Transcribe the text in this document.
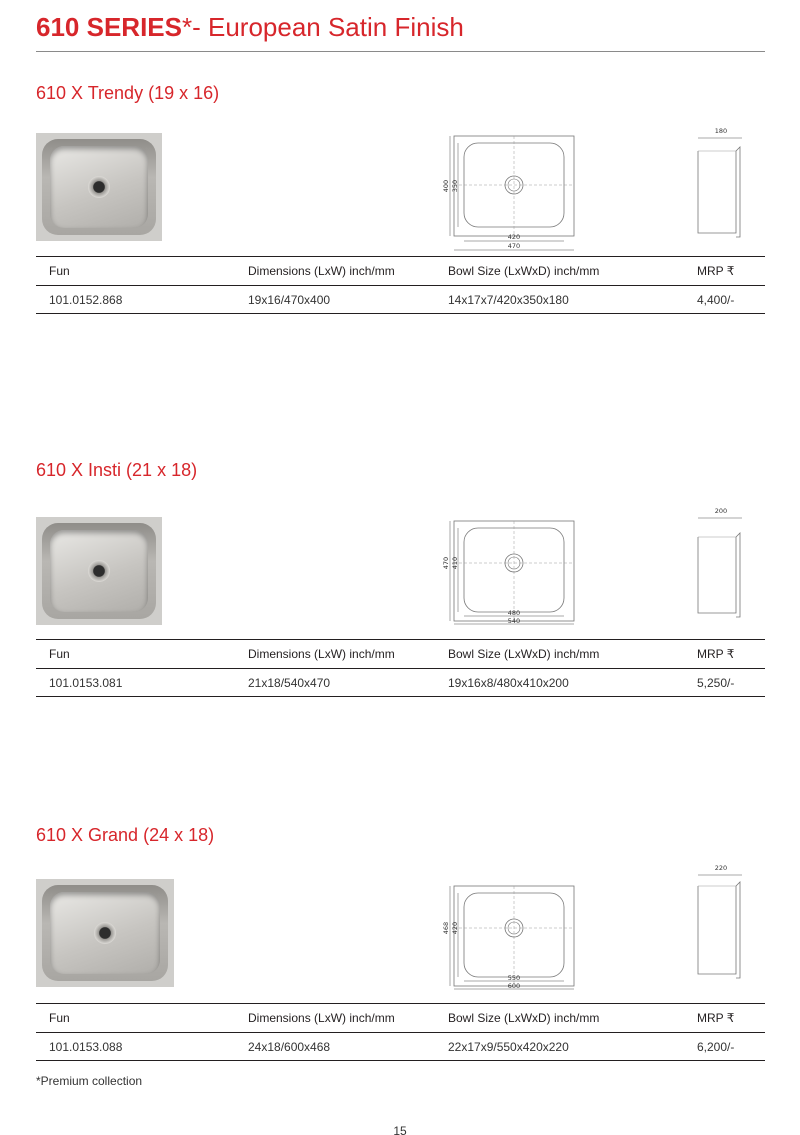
610 SERIES*- European Satin Finish
610 X Trendy (19 x 16)
420
470
400 350
180
Fun	Dimensions (LxW) inch/mm	Bowl Size (LxWxD) inch/mm	MRP ₹
101.0152.868	19x16/470x400	14x17x7/420x350x180	4,400/-
610 X Insti (21 x 18)
480
540
470 410
200
Fun	Dimensions (LxW) inch/mm	Bowl Size (LxWxD) inch/mm	MRP ₹
101.0153.081	21x18/540x470	19x16x8/480x410x200	5,250/-
610 X Grand (24 x 18)
550
600
468 420
220
Fun	Dimensions (LxW) inch/mm	Bowl Size (LxWxD) inch/mm	MRP ₹
101.0153.088	24x18/600x468	22x17x9/550x420x220	6,200/-
*Premium collection
15
